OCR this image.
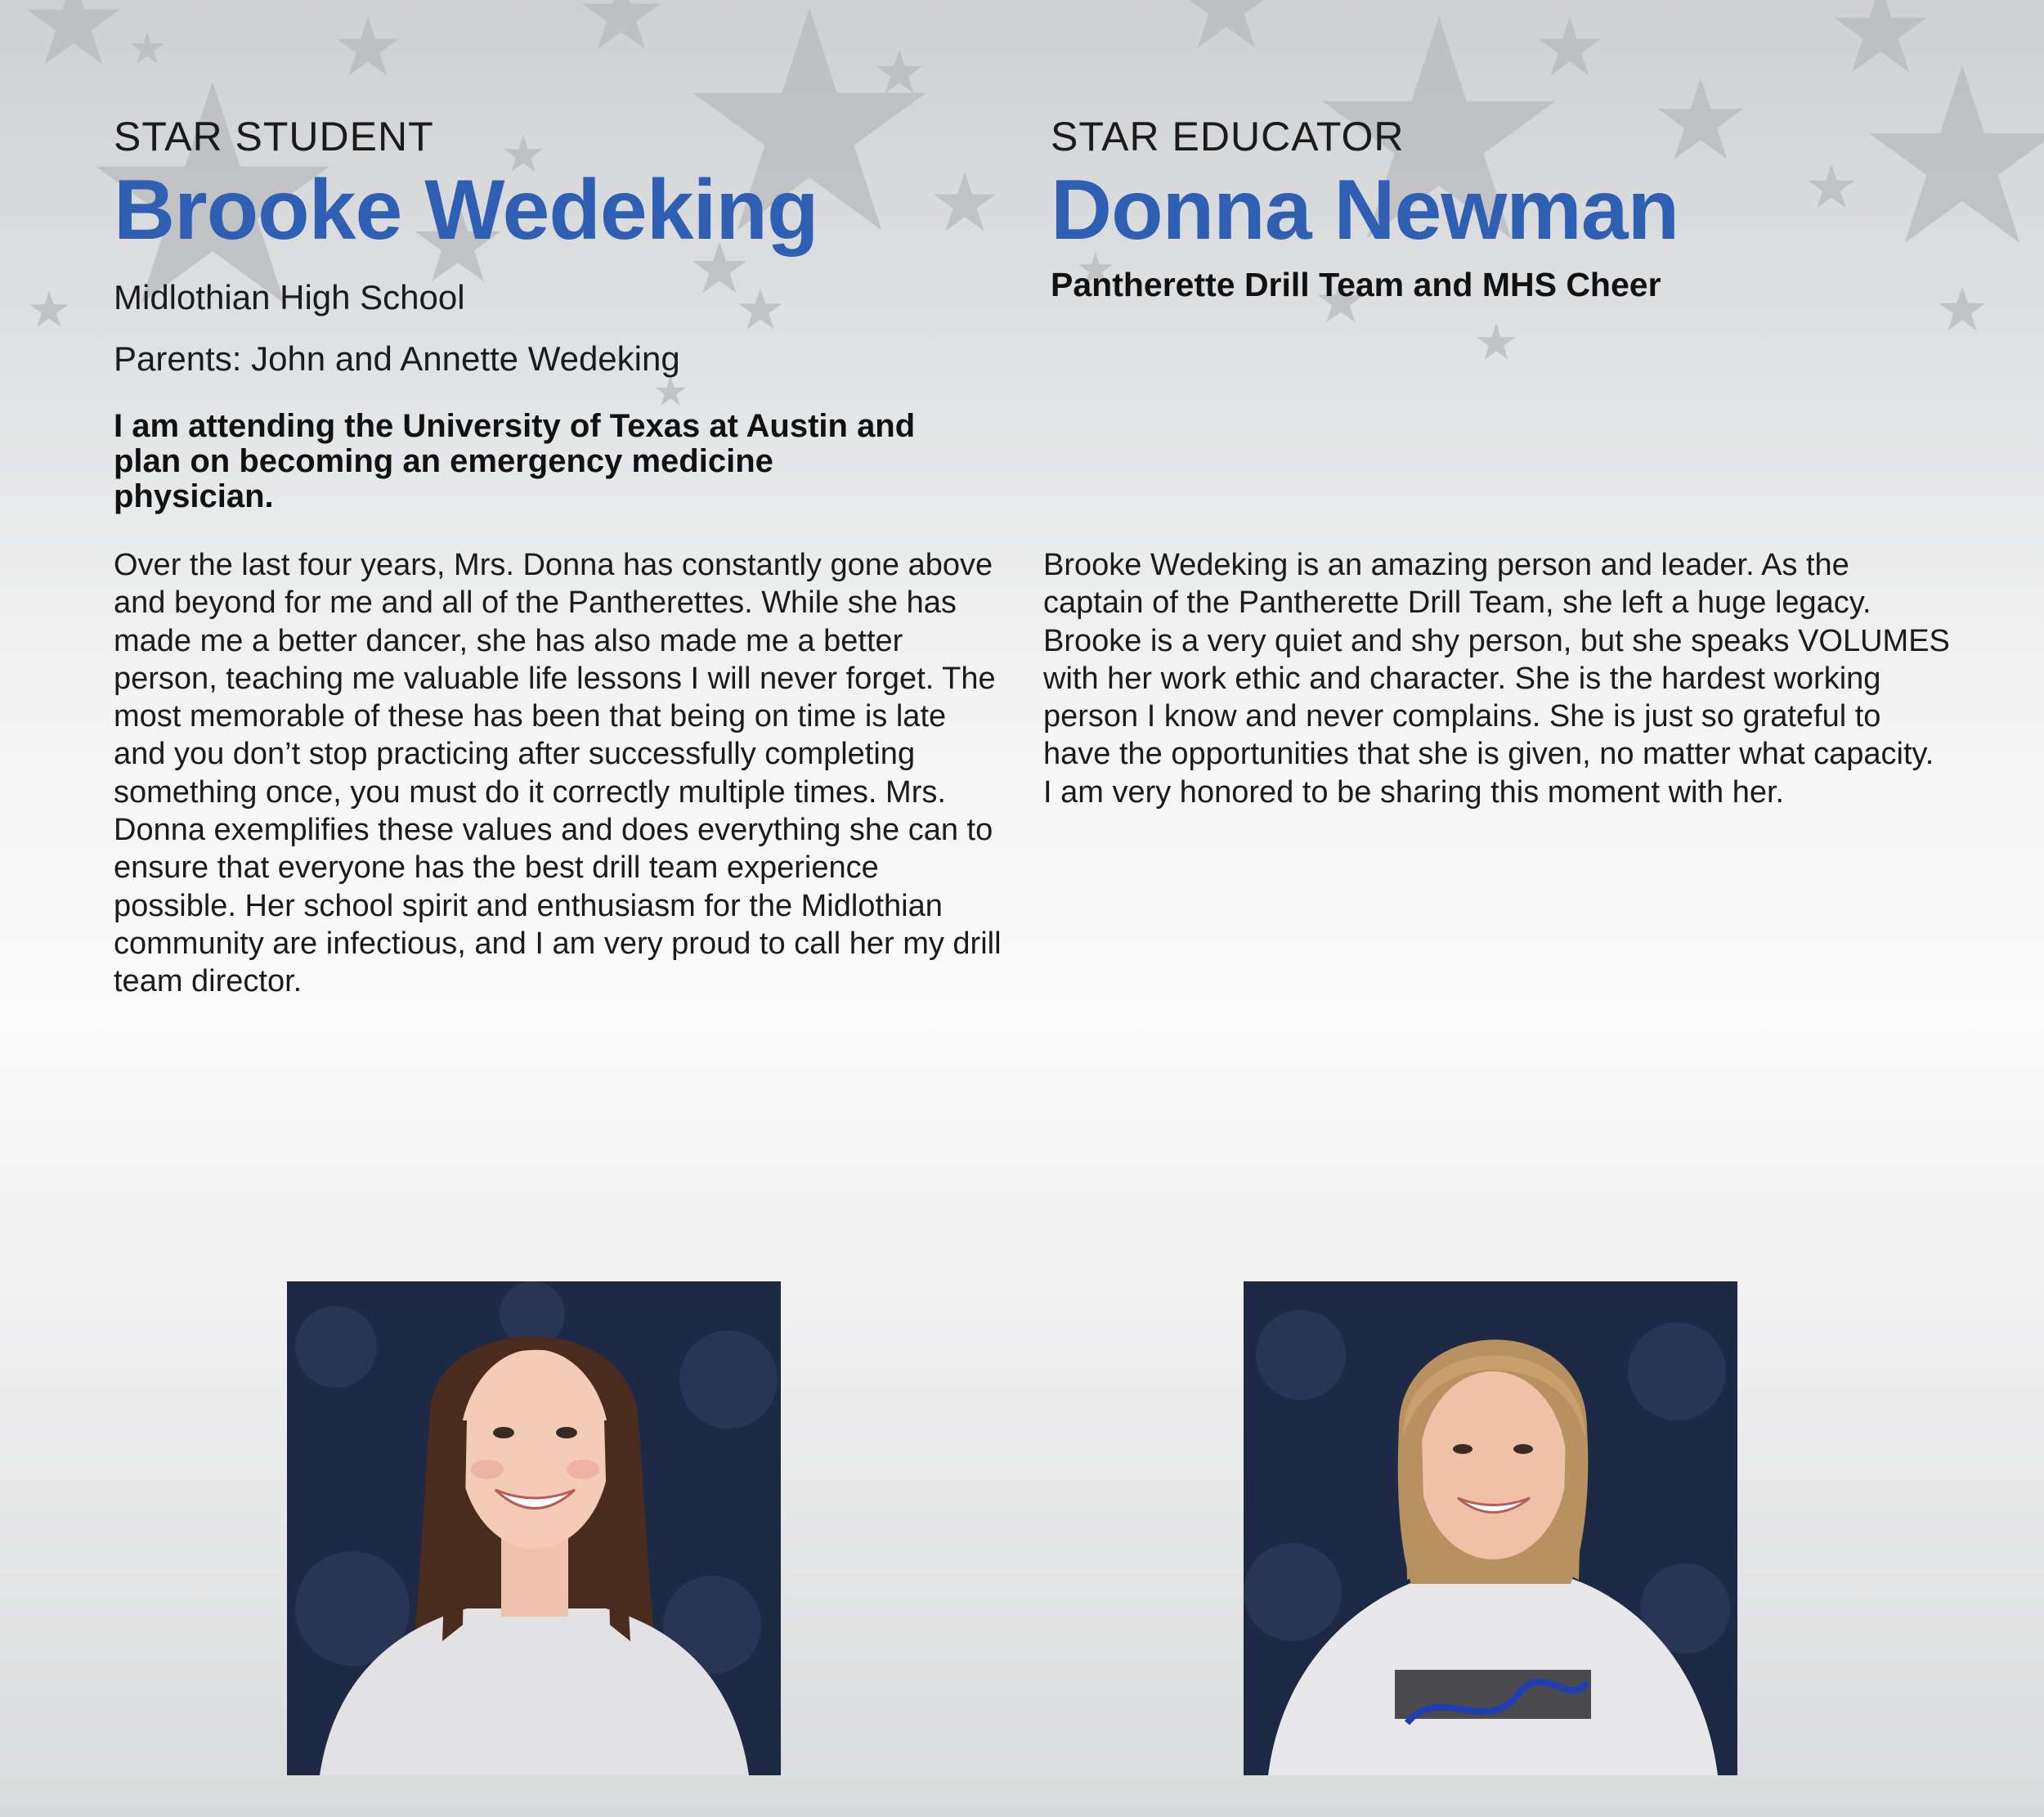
STAR STUDENT
Brooke Wedeking

Midlothian High School

Parents: John and Annette Wedeking

I am attending the University of Texas at Austin and plan on becoming an emergency medicine physician.

Over the last four years, Mrs. Donna has constantly gone above and beyond for me and all of the Pantherettes. While she has made me a better dancer, she has also made me a better person, teaching me valuable life lessons I will never forget. The most memorable of these has been that being on time is late and you don’t stop practicing after successfully completing something once, you must do it correctly multiple times. Mrs. Donna exemplifies these values and does everything she can to ensure that everyone has the best drill team experience possible. Her school spirit and enthusiasm for the Midlothian community are infectious, and I am very proud to call her my drill team director.

STAR EDUCATOR
Donna Newman

Pantherette Drill Team and MHS Cheer

Brooke Wedeking is an amazing person and leader. As the captain of the Pantherette Drill Team, she left a huge legacy. Brooke is a very quiet and shy person, but she speaks VOLUMES with her work ethic and character. She is the hardest working person I know and never complains. She is just so grateful to have the opportunities that she is given, no matter what capacity. I am very honored to be sharing this moment with her.
